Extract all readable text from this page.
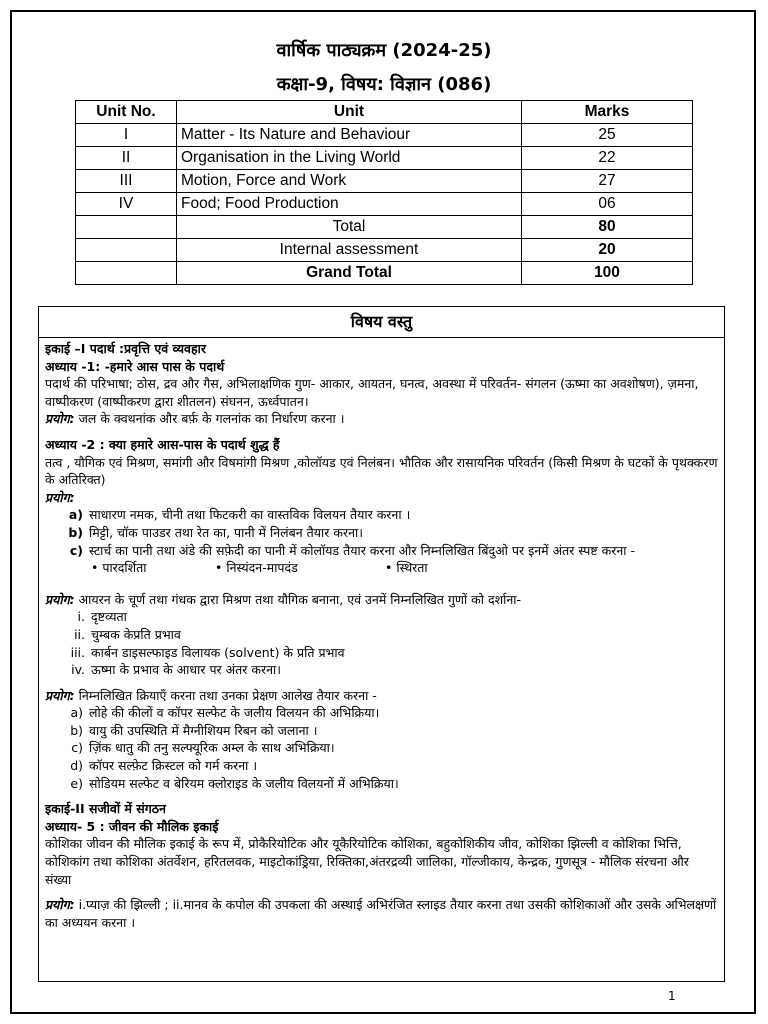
वार्षिक पाठ्यक्रम (2024-25)
कक्षा-9, विषय: विज्ञान (086)
Unit No.	Unit	Marks
I	Matter - Its Nature and Behaviour	25
II	Organisation in the Living World	22
III	Motion, Force and Work	27
IV	Food; Food Production	06
	Total	80
	Internal assessment	20
	Grand Total	100
विषय वस्तु
इकाई –I पदार्थ :प्रवृत्ति एवं व्यवहार
अध्याय -1: -हमारे आस पास के पदार्थ
पदार्थ की परिभाषा; ठोस, द्रव और गैस, अभिलाक्षणिक गुण- आकार, आयतन, घनत्व, अवस्था में परिवर्तन- संगलन (ऊष्मा का अवशोषण), ज़मना, वाष्पीकरण (वाष्पीकरण द्वारा शीतलन) संघनन, ऊर्ध्वपातन।
प्रयोग: जल के क्वथनांक और बर्फ़ के गलनांक का निर्धारण करना ।
अध्याय -2 : क्या हमारे आस-पास के पदार्थ शुद्ध हैं
तत्व , यौगिक एवं मिश्रण, समांगी और विषमांगी मिश्रण ,कोलॉयड एवं निलंबन। भौतिक और रासायनिक परिवर्तन (किसी मिश्रण के घटकों के पृथक्करण के अतिरिक्त)
प्रयोग:
a) साधारण नमक, चीनी तथा फिटकरी का वास्तविक विलयन तैयार करना ।
b) मिट्टी, चॉक पाउडर तथा रेत का, पानी में निलंबन तैयार करना।
c) स्टार्च का पानी तथा अंडे की सफ़ेदी का पानी में कोलॉयड तैयार करना और निम्नलिखित बिंदुओ पर इनमें अंतर स्पष्ट करना -
• पारदर्शिता	• निस्यंदन-मापदंड	• स्थिरता
प्रयोग: आयरन के चूर्ण तथा गंधक द्वारा मिश्रण तथा यौगिक बनाना, एवं उनमें निम्नलिखित गुणों को दर्शाना-
i. दृष्टव्यता
ii. चुम्बक केप्रति प्रभाव
iii. कार्बन डाइसल्फाइड विलायक (solvent) के प्रति प्रभाव
iv. ऊष्मा के प्रभाव के आधार पर अंतर करना।
प्रयोग: निम्नलिखित क्रियाएँ करना तथा उनका प्रेक्षण आलेख तैयार करना -
a) लोहे की कीलों व कॉपर सल्फेट के जलीय विलयन की अभिक्रिया।
b) वायु की उपस्थिति में मैग्नीशियम रिबन को जलाना ।
c) ज़िंक धातु की तनु सल्फ्यूरिक अम्ल के साथ अभिक्रिया।
d) कॉपर सल्फ़ेट क्रिस्टल को गर्म करना ।
e) सोडियम सल्फेट व बेरियम क्लोराइड के जलीय विलयनों में अभिक्रिया।
इकाई-II सजीवों में संगठन
अध्याय- 5 : जीवन की मौलिक इकाई
कोशिका जीवन की मौलिक इकाई के रूप में, प्रोकैरियोटिक और यूकैरियोटिक कोशिका, बहुकोशिकीय जीव, कोशिका झिल्ली व कोशिका भित्ति, कोशिकांग तथा कोशिका अंतर्वेशन, हरितलवक, माइटोकांड्रिया, रिक्तिका,अंतरद्रव्यी जालिका, गॉल्जीकाय, केन्द्रक, गुणसूत्र - मौलिक संरचना और संख्या
प्रयोग: i.प्याज़ की झिल्ली ; ii.मानव के कपोल की उपकला की अस्थाई अभिरंजित स्लाइड तैयार करना तथा उसकी कोशिकाओं और उसके अभिलक्षणों का अध्ययन करना ।
1
